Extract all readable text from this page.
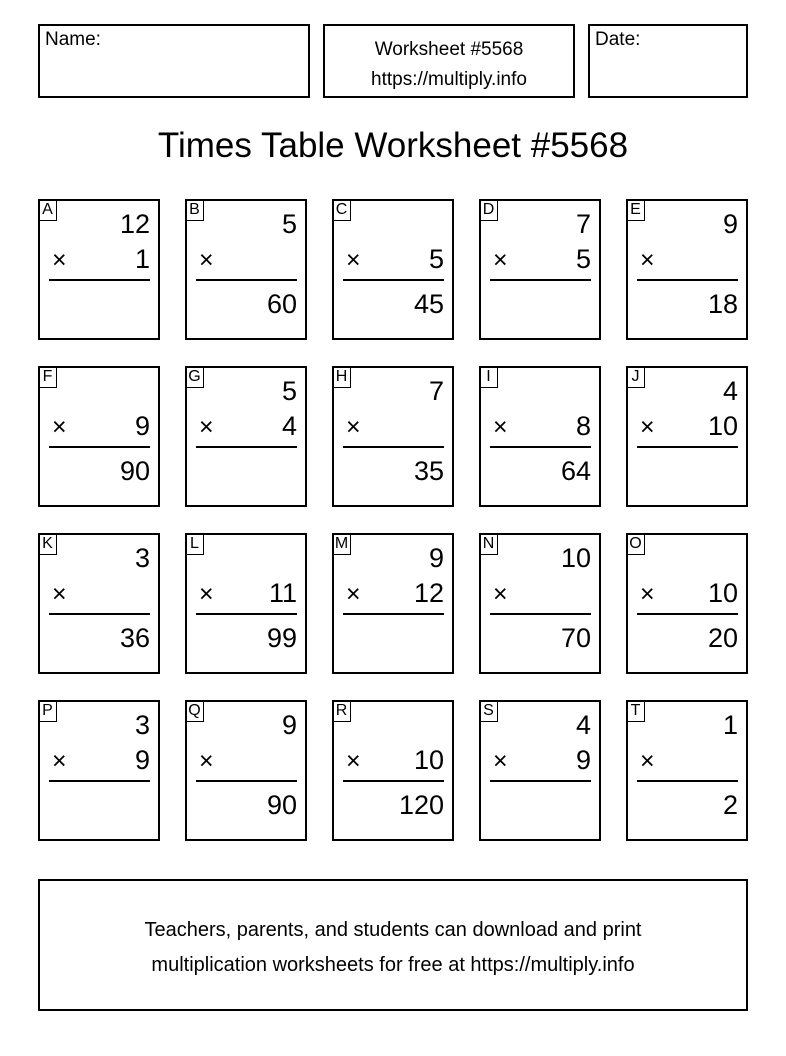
Name:	Worksheet #5568
https://multiply.info
Date:
Times Table Worksheet #5568
A 12
×	1
B	5
×
60
C
×	5
45
D	7
×	5
E	9
×
18
F
×	9
90
G	5
×	4
H	7
×
35
I
×	8
64
J	4
× 10
K	3
×
36
L
× 11
99
M	9
× 12
N 10
×
70
O
× 10
20
P	3
×	9
Q	9
×
90
R
× 10
120
S	4
×	9
T	1
×
2
Teachers, parents, and students can download and print
multiplication worksheets for free at https://multiply.info
